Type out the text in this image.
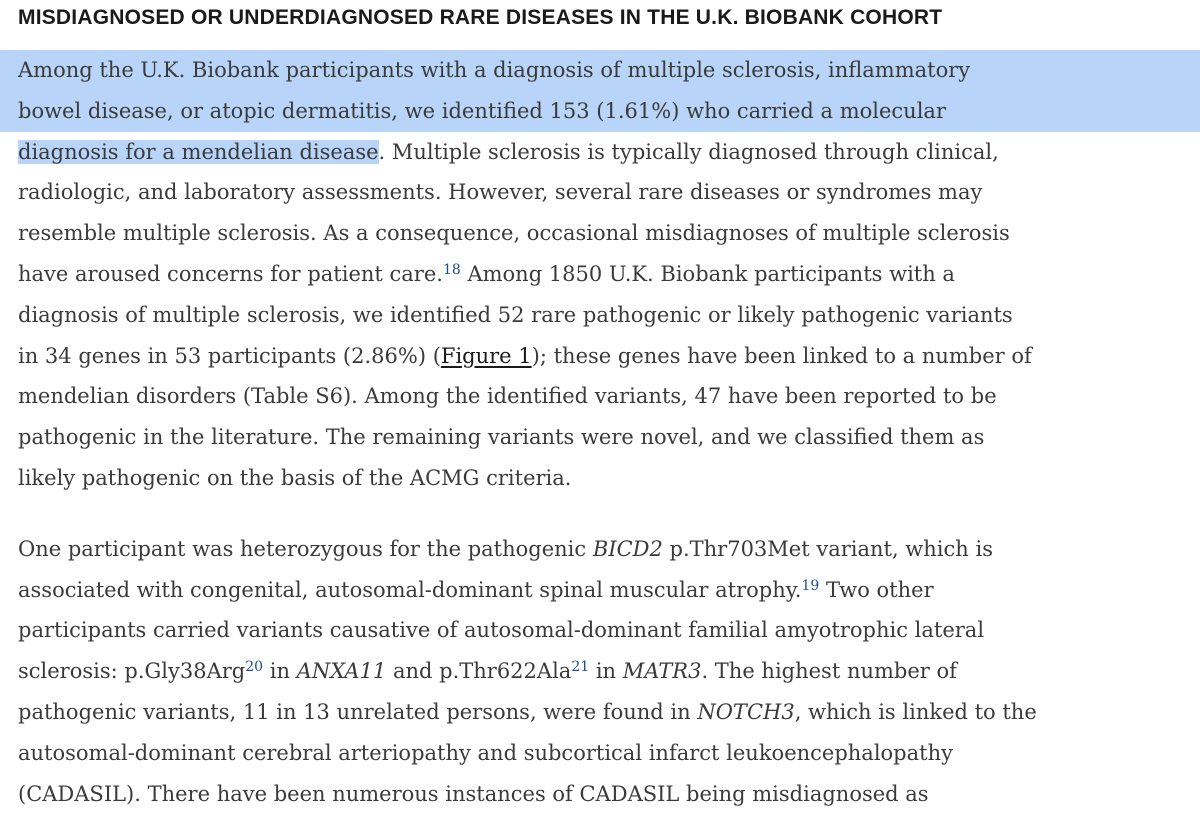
MISDIAGNOSED OR UNDERDIAGNOSED RARE DISEASES IN THE U.K. BIOBANK COHORT

Among the U.K. Biobank participants with a diagnosis of multiple sclerosis, inflammatory
bowel disease, or atopic dermatitis, we identified 153 (1.61%) who carried a molecular
diagnosis for a mendelian disease. Multiple sclerosis is typically diagnosed through clinical,
radiologic, and laboratory assessments. However, several rare diseases or syndromes may
resemble multiple sclerosis. As a consequence, occasional misdiagnoses of multiple sclerosis
have aroused concerns for patient care.$^{18}$ Among 1850 U.K. Biobank participants with a
diagnosis of multiple sclerosis, we identified 52 rare pathogenic or likely pathogenic variants
in 34 genes in 53 participants (2.86%) (Figure 1); these genes have been linked to a number of
mendelian disorders (Table S6). Among the identified variants, 47 have been reported to be
pathogenic in the literature. The remaining variants were novel, and we classified them as
likely pathogenic on the basis of the ACMG criteria.

One participant was heterozygous for the pathogenic BICD2 p.Thr703Met variant, which is
associated with congenital, autosomal-dominant spinal muscular atrophy.$^{19}$ Two other
participants carried variants causative of autosomal-dominant familial amyotrophic lateral
sclerosis: p.Gly38Arg$^{20}$ in ANXA11 and p.Thr622Ala$^{21}$ in MATR3. The highest number of
pathogenic variants, 11 in 13 unrelated persons, were found in NOTCH3, which is linked to the
autosomal-dominant cerebral arteriopathy and subcortical infarct leukoencephalopathy
(CADASIL). There have been numerous instances of CADASIL being misdiagnosed as
